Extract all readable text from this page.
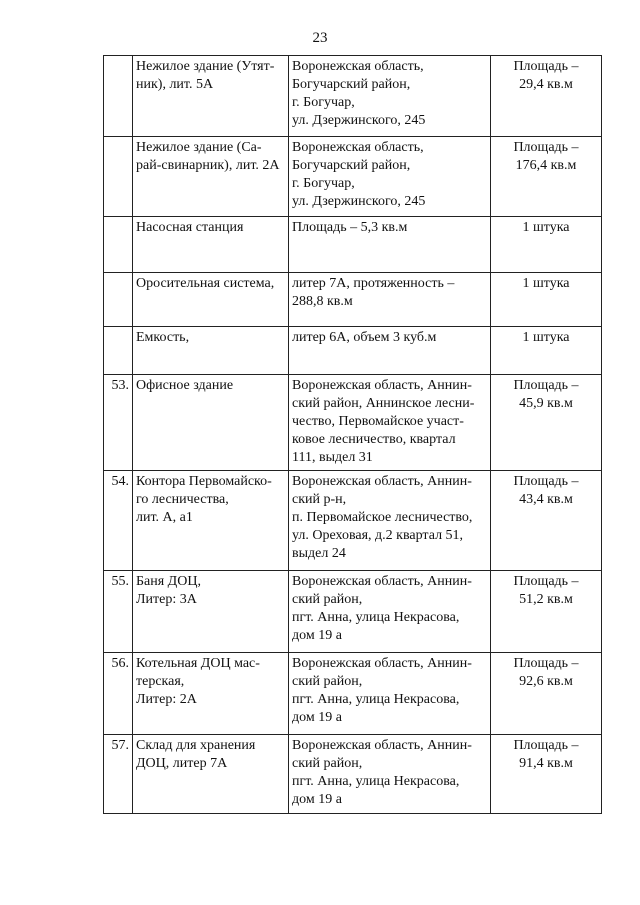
23
	Нежилое здание (Утят-
ник), лит. 5А	Воронежская область,
Богучарский район,
г. Богучар,
ул. Дзержинского, 245	Площадь –
29,4 кв.м
	Нежилое здание (Са-
рай-свинарник), лит. 2А	Воронежская область,
Богучарский район,
г. Богучар,
ул. Дзержинского, 245	Площадь –
176,4 кв.м
	Насосная станция	Площадь – 5,3 кв.м	1 штука
	Оросительная система,	литер 7А, протяженность –
288,8 кв.м	1 штука
	Емкость,	литер 6А, объем 3 куб.м	1 штука
53.	Офисное здание	Воронежская область, Аннин-
ский район, Аннинское лесни-
чество, Первомайское участ-
ковое лесничество, квартал
111, выдел 31	Площадь –
45,9 кв.м
54.	Контора Первомайско-
го лесничества,
лит. А, а1	Воронежская область, Аннин-
ский р-н,
п. Первомайское лесничество,
ул. Ореховая, д.2 квартал 51,
выдел 24	Площадь –
43,4 кв.м
55.	Баня ДОЦ,
Литер: 3А	Воронежская область, Аннин-
ский район,
пгт. Анна, улица Некрасова,
дом 19 а	Площадь –
51,2 кв.м
56.	Котельная ДОЦ мас-
терская,
Литер: 2А	Воронежская область, Аннин-
ский район,
пгт. Анна, улица Некрасова,
дом 19 а	Площадь –
92,6 кв.м
57.	Склад для хранения
ДОЦ, литер 7А	Воронежская область, Аннин-
ский район,
пгт. Анна, улица Некрасова,
дом 19 а	Площадь –
91,4 кв.м
